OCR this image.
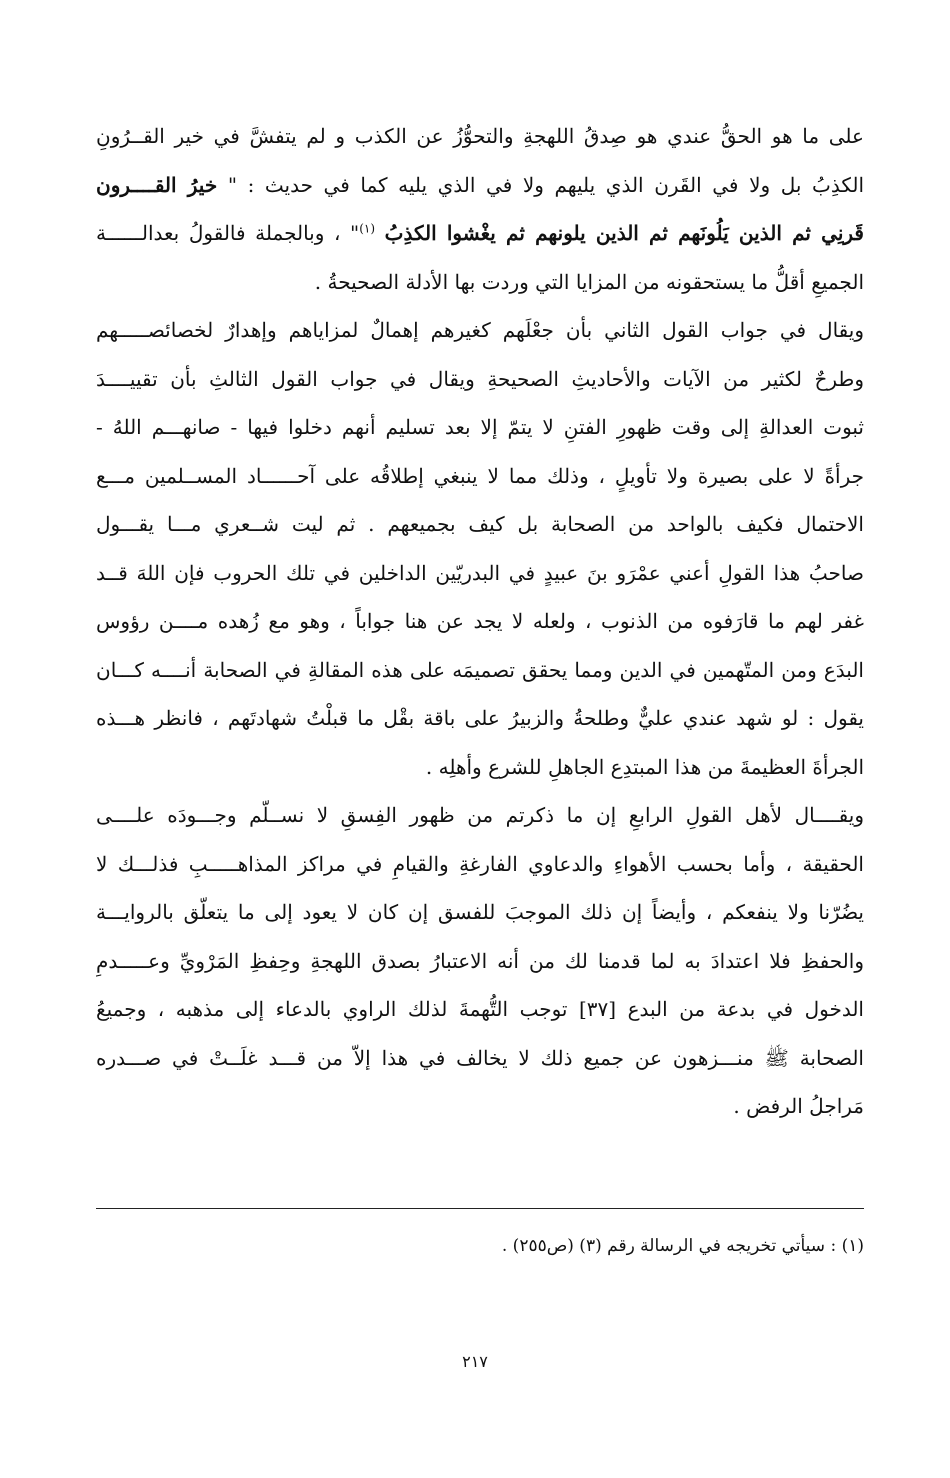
على ما هو الحقُّ عندي هو صِدقُ اللهجةِ والتحوُّزُ عن الكذب و لم يتفشَّ في خير القــرُونِ
الكذِبُ بل ولا في القَرن الذي يليهم ولا في الذي يليه كما في حديث : " خيرُ القــــرون
قَرنِي ثم الذين يَلُونَهم ثم الذين يلونهم ثم يغْشوا الكذِبُ $^{(١)}$" ، وبالجملة فالقولُ بعدالــــــة
الجميعِ أقلُّ ما يستحقونه من المزايا التي وردت بها الأدلة الصحيحةُ .
ويقال في جواب القول الثاني بأن جعْلَهم كغيرهم إهمالٌ لمزاياهم وإهدارٌ لخصائصـــــهم
وطرحٌ لكثير من الآيات والأحاديثِ الصحيحةِ ويقال في جواب القول الثالثِ بأن تقييــــدَ
ثبوت العدالةِ إلى وقت ظهورِ الفتنِ لا يتمّ إلا بعد تسليم أنهم دخلوا فيها - صانهـــم اللهُ -
جرأةً لا على بصيرة ولا تأويلٍ ، وذلك مما لا ينبغي إطلاقُه على آحــــــاد المســلمين مـــع
الاحتمال فكيف بالواحد من الصحابة بل كيف بجميعهم . ثم ليت شــعري مـــا يقـــول
صاحبُ هذا القولِ أعني عمْرَو بنَ عبيدٍ في البدريّين الداخلين في تلك الحروب فإن اللهَ قــد
غفر لهم ما قارَفوه من الذنوب ، ولعله لا يجد عن هنا جواباً ، وهو مع زُهده مــــن رؤوس
البدَع ومن المتّهمين في الدين ومما يحقق تصميمَه على هذه المقالةِ في الصحابة أنــــه كـــان
يقول : لو شهد عندي عليٌّ وطلحةُ والزبيرُ على باقة بقْل ما قبلْتُ شهادتَهم ، فانظر هـــذه
الجرأةَ العظيمةَ من هذا المبتدِع الجاهلِ للشرع وأهلِه .
ويقــــال لأهل القولِ الرابعِ إن ما ذكرتم من ظهور الفِسقِ لا نســلّم وجـــودَه علــــى
الحقيقة ، وأما بحسب الأهواءِ والدعاوي الفارغةِ والقيامِ في مراكز المذاهـــــبِ فذلـــك لا
يضُرّنا ولا ينفعكم ، وأيضاً إن ذلك الموجبَ للفسق إن كان لا يعود إلى ما يتعلّق بالروايـــة
والحفظِ فلا اعتدادَ به لما قدمنا لك من أنه الاعتبارُ بصدق اللهجةِ وحِفظِ المَرْويِّ وعـــــدمِ
الدخول في بدعة من البدع [٣٧] توجب التُّهمةَ لذلك الراوي بالدعاء إلى مذهبه ، وجميعُ
الصحابة ﷺ منـــزهون عن جميع ذلك لا يخالف في هذا إلاّ من قـــد غلَــتْ في صـــدره
مَراجلُ الرفض .
(١) : سيأتي تخريجه في الرسالة رقم (٣) (ص٢٥٥) .
٢١٧
